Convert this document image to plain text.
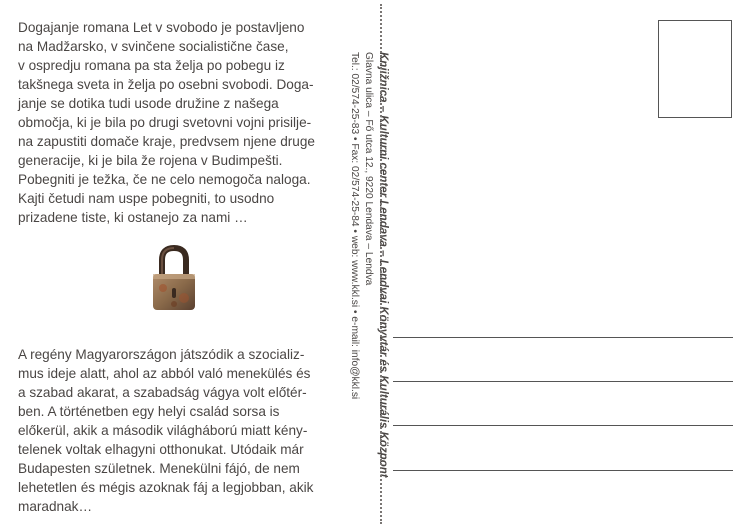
Dogajanje romana Let v svobodo je postavljeno
na Madžarsko, v svinčene socialistične čase,
v ospredju romana pa sta želja po pobegu iz
takšnega sveta in želja po osebni svobodi. Doga-
janje se dotika tudi usode družine z našega
območja, ki je bila po drugi svetovni vojni prisilje-
na zapustiti domače kraje, predvsem njene druge
generacije, ki je bila že rojena v Budimpešti.
Pobegniti je težka, če ne celo nemogoča naloga.
Kajti četudi nam uspe pobegniti, to usodno
prizadene tiste, ki ostanejo za nami …
A regény Magyarországon játszódik a szocializ-
mus ideje alatt, ahol az abból való menekülés és
a szabad akarat, a szabadság vágya volt előtér-
ben. A történetben egy helyi család sorsa is
előkerül, akik a második világháború miatt kény-
telenek voltak elhagyni otthonukat. Utódaik már
Budapesten születnek. Menekülni fájó, de nem
lehetetlen és mégis azoknak fáj a legjobban, akik
maradnak…
Knjižnica – Kulturni center Lendava – Lendvai Könyvtár és Kulturális Központ
Glavna ulica – Fő utca 12., 9220 Lendava – Lendva
Tel.: 02/574-25-83 • Fax: 02/574-25-84 • web: www.kkl.si • e-mail: info@kkl.si
